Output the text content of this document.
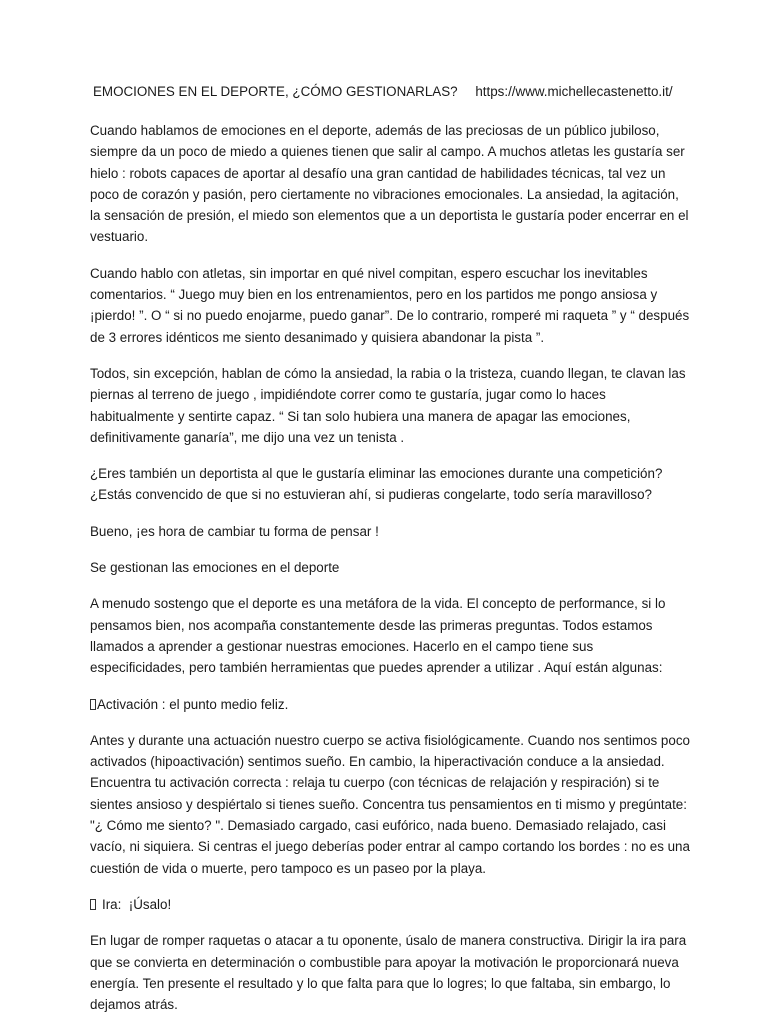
EMOCIONES EN EL DEPORTE, ¿CÓMO GESTIONARLAS? https://www.michellecastenetto.it/

Cuando hablamos de emociones en el deporte, además de las preciosas de un público jubiloso, siempre da un poco de miedo a quienes tienen que salir al campo. A muchos atletas les gustaría ser hielo : robots capaces de aportar al desafío una gran cantidad de habilidades técnicas, tal vez un poco de corazón y pasión, pero ciertamente no vibraciones emocionales. La ansiedad, la agitación, la sensación de presión, el miedo son elementos que a un deportista le gustaría poder encerrar en el vestuario.

Cuando hablo con atletas, sin importar en qué nivel compitan, espero escuchar los inevitables comentarios. “ Juego muy bien en los entrenamientos, pero en los partidos me pongo ansiosa y ¡pierdo! ”. O “ si no puedo enojarme, puedo ganar”. De lo contrario, romperé mi raqueta ” y “ después de 3 errores idénticos me siento desanimado y quisiera abandonar la pista ”.

Todos, sin excepción, hablan de cómo la ansiedad, la rabia o la tristeza, cuando llegan, te clavan las piernas al terreno de juego , impidiéndote correr como te gustaría, jugar como lo haces habitualmente y sentirte capaz. “ Si tan solo hubiera una manera de apagar las emociones, definitivamente ganaría”, me dijo una vez un tenista .

¿Eres también un deportista al que le gustaría eliminar las emociones durante una competición? ¿Estás convencido de que si no estuvieran ahí, si pudieras congelarte, todo sería maravilloso?

Bueno, ¡es hora de cambiar tu forma de pensar !

Se gestionan las emociones en el deporte

A menudo sostengo que el deporte es una metáfora de la vida. El concepto de performance, si lo pensamos bien, nos acompaña constantemente desde las primeras preguntas. Todos estamos llamados a aprender a gestionar nuestras emociones. Hacerlo en el campo tiene sus especificidades, pero también herramientas que puedes aprender a utilizar . Aquí están algunas:

Activación : el punto medio feliz.

Antes y durante una actuación nuestro cuerpo se activa fisiológicamente. Cuando nos sentimos poco activados (hipoactivación) sentimos sueño. En cambio, la hiperactivación conduce a la ansiedad. Encuentra tu activación correcta : relaja tu cuerpo (con técnicas de relajación y respiración) si te sientes ansioso y despiértalo si tienes sueño. Concentra tus pensamientos en ti mismo y pregúntate: "¿ Cómo me siento? ". Demasiado cargado, casi eufórico, nada bueno. Demasiado relajado, casi vacío, ni siquiera. Si centras el juego deberías poder entrar al campo cortando los bordes : no es una cuestión de vida o muerte, pero tampoco es un paseo por la playa.

Ira:  ¡Úsalo!

En lugar de romper raquetas o atacar a tu oponente, úsalo de manera constructiva. Dirigir la ira para que se convierta en determinación o combustible para apoyar la motivación le proporcionará nueva energía. Ten presente el resultado y lo que falta para que lo logres; lo que faltaba, sin embargo, lo dejamos atrás.
